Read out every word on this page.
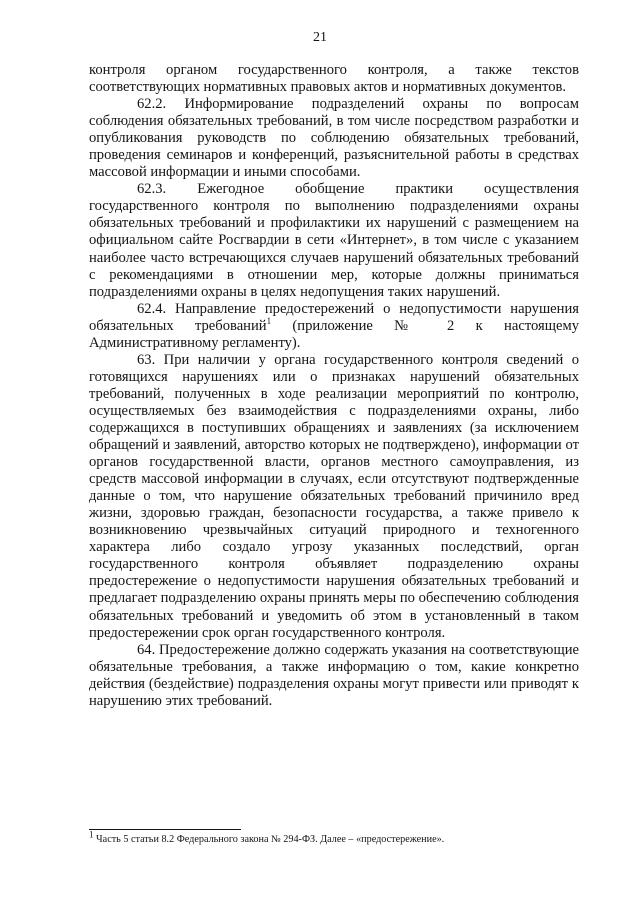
21

контроля органом государственного контроля, а также текстов соответствующих нормативных правовых актов и нормативных документов.

62.2. Информирование подразделений охраны по вопросам соблюдения обязательных требований, в том числе посредством разработки и опубликования руководств по соблюдению обязательных требований, проведения семинаров и конференций, разъяснительной работы в средствах массовой информации и иными способами.

62.3. Ежегодное обобщение практики осуществления государственного контроля по выполнению подразделениями охраны обязательных требований и профилактики их нарушений с размещением на официальном сайте Росгвардии в сети «Интернет», в том числе с указанием наиболее часто встречающихся случаев нарушений обязательных требований с рекомендациями в отношении мер, которые должны приниматься подразделениями охраны в целях недопущения таких нарушений.

62.4. Направление предостережений о недопустимости нарушения обязательных требований$^1$ (приложение № 2 к настоящему Административному регламенту).

63. При наличии у органа государственного контроля сведений о готовящихся нарушениях или о признаках нарушений обязательных требований, полученных в ходе реализации мероприятий по контролю, осуществляемых без взаимодействия с подразделениями охраны, либо содержащихся в поступивших обращениях и заявлениях (за исключением обращений и заявлений, авторство которых не подтверждено), информации от органов государственной власти, органов местного самоуправления, из средств массовой информации в случаях, если отсутствуют подтвержденные данные о том, что нарушение обязательных требований причинило вред жизни, здоровью граждан, безопасности государства, а также привело к возникновению чрезвычайных ситуаций природного и техногенного характера либо создало угрозу указанных последствий, орган государственного контроля объявляет подразделению охраны предостережение о недопустимости нарушения обязательных требований и предлагает подразделению охраны принять меры по обеспечению соблюдения обязательных требований и уведомить об этом в установленный в таком предостережении срок орган государственного контроля.

64. Предостережение должно содержать указания на соответствующие обязательные требования, а также информацию о том, какие конкретно действия (бездействие) подразделения охраны могут привести или приводят к нарушению этих требований.

$^1$ Часть 5 статьи 8.2 Федерального закона № 294-ФЗ. Далее – «предостережение».
